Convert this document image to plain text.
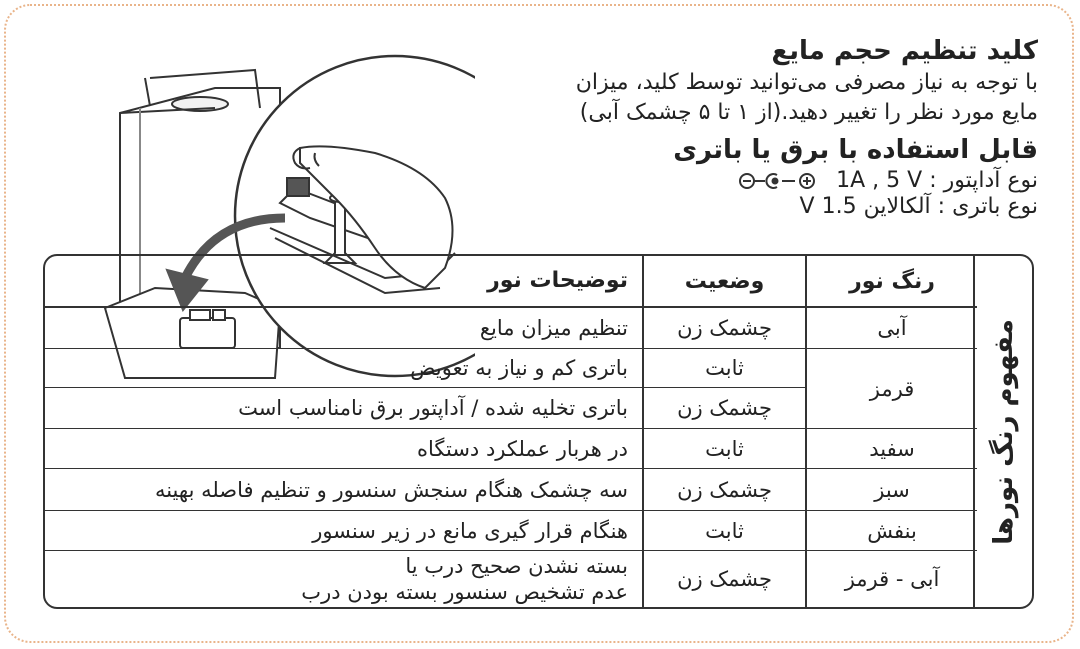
کلید تنظیم حجم مایع

با توجه به نیاز مصرفی می‌توانید توسط کلید، میزان

مایع مورد نظر را تغییر دهید.(از ۱ تا ۵ چشمک آبی)

قابل استفاده با برق یا باتری

نوع آداپتور : 1A , 5 V

نوع باتری : آلکالاین 1.5 V

مفهوم رنگ نورها
رنگ نور
وضعیت
توضیحات نور
آبی
چشمک زن
تنظیم میزان مایع
قرمز
ثابت
باتری کم و نیاز به تعویض
چشمک زن
باتری تخلیه شده / آداپتور برق نامناسب است
سفید
ثابت
در هربار عملکرد دستگاه
سبز
چشمک زن
سه چشمک هنگام سنجش سنسور و تنظیم فاصله بهینه
بنفش
ثابت
هنگام قرار گیری مانع در زیر سنسور
آبی - قرمز
چشمک زن
بسته نشدن صحیح درب یا
عدم تشخیص سنسور بسته بودن درب
